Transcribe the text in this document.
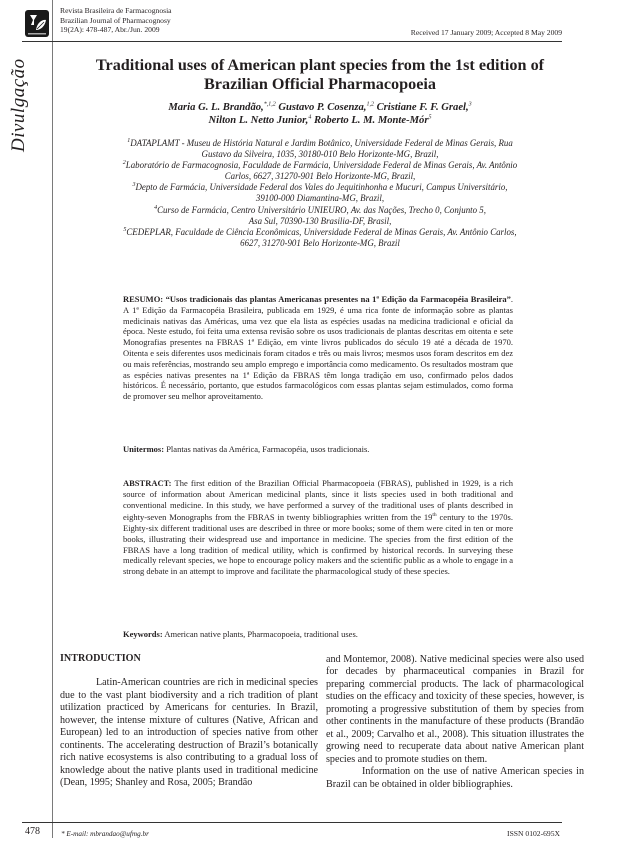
Revista Brasileira de Farmacognosia
Brazilian Journal of Pharmacognosy
19(2A): 478-487, Abr./Jun. 2009	Received 17 January 2009; Accepted 8 May 2009
Divulgação	Traditional uses of American plant species from the 1st edition of
Brazilian Official Pharmacopoeia
Maria G. L. Brandão,$^{*,1,2}$ Gustavo P. Cosenza,$^{1,2}$ Cristiane F. F. Grael,$^3$
Nilton L. Netto Junior,$^4$ Roberto L. M. Monte-Mór$^5$
$^1$DATAPLAMT - Museu de História Natural e Jardim Botânico, Universidade Federal de Minas Gerais, Rua
Gustavo da Silveira, 1035, 30180-010 Belo Horizonte-MG, Brazil,
$^2$Laboratório de Farmacognosia, Faculdade de Farmácia, Universidade Federal de Minas Gerais, Av. Antônio
Carlos, 6627, 31270-901 Belo Horizonte-MG, Brazil,
$^3$Depto de Farmácia, Universidade Federal dos Vales do Jequitinhonha e Mucuri, Campus Universitário,
39100-000 Diamantina-MG, Brazil,
$^4$Curso de Farmácia, Centro Universitário UNIEURO, Av. das Nações, Trecho 0, Conjunto 5,
Asa Sul, 70390-130 Brasilia-DF, Brasil,
$^5$CEDEPLAR, Faculdade de Ciência Econômicas, Universidade Federal de Minas Gerais, Av. Antônio Carlos,
6627, 31270-901 Belo Horizonte-MG, Brazil
RESUMO: “Usos tradicionais das plantas Americanas presentes na 1ª Edição da Farmacopéia Brasileira”. A 1ª Edição da Farmacopéia Brasileira, publicada em 1929, é uma rica fonte de informação sobre as plantas medicinais nativas das Américas, uma vez que ela lista as espécies usadas na medicina tradicional e oficial da época. Neste estudo, foi feita uma extensa revisão sobre os usos tradicionais de plantas descritas em oitenta e sete Monografias presentes na FBRAS 1ª Edição, em vinte livros publicados do século 19 até a década de 1970. Oitenta e seis diferentes usos medicinais foram citados e três ou mais livros; mesmos usos foram descritos em dez ou mais referências, mostrando seu amplo emprego e importância como medicamento. Os resultados mostram que as espécies nativas presentes na 1ª Edição da FBRAS têm longa tradição em uso, confirmado pelos dados históricos. É necessário, portanto, que estudos farmacológicos com essas plantas sejam estimulados, como forma de promover seu melhor aproveitamento.
Unitermos: Plantas nativas da América, Farmacopéia, usos tradicionais.
ABSTRACT: The first edition of the Brazilian Official Pharmacopoeia (FBRAS), published in 1929, is a rich source of information about American medicinal plants, since it lists species used in both traditional and conventional medicine. In this study, we have performed a survey of the traditional uses of plants described in eighty-seven Monographs from the FBRAS in twenty bibliographies written from the 19th century to the 1970s. Eighty-six different traditional uses are described in three or more books; some of them were cited in ten or more books, illustrating their widespread use and importance in medicine. The species from the first edition of the FBRAS have a long tradition of medical utility, which is confirmed by historical records. In surveying these medically relevant species, we hope to encourage policy makers and the scientific public as a whole to engage in a strong debate in an attempt to improve and facilitate the pharmacological study of these species.
Keywords: American native plants, Pharmacopoeia, traditional uses.
INTRODUCTION
Latin-American countries are rich in medicinal species due to the vast plant biodiversity and a rich tradition of plant utilization practiced by Americans for centuries. In Brazil, however, the intense mixture of cultures (Native, African and European) led to an introduction of species native from other continents. The accelerating destruction of Brazil’s botanically rich native ecosystems is also contributing to a gradual loss of knowledge about the native plants used in traditional medicine (Dean, 1995; Shanley and Rosa, 2005; Brandão
and Montemor, 2008). Native medicinal species were also used for decades by pharmaceutical companies in Brazil for preparing commercial products. The lack of pharmacological studies on the efficacy and toxicity of these species, however, is promoting a progressive substitution of them by species from other continents in the manufacture of these products (Brandão et al., 2009; Carvalho et al., 2008). This situation illustrates the growing need to recuperate data about native American plant species and to promote studies on them.
Information on the use of native American species in Brazil can be obtained in older bibliographies.
478	* E-mail: mbrandao@ufmg.br	ISSN 0102-695X
